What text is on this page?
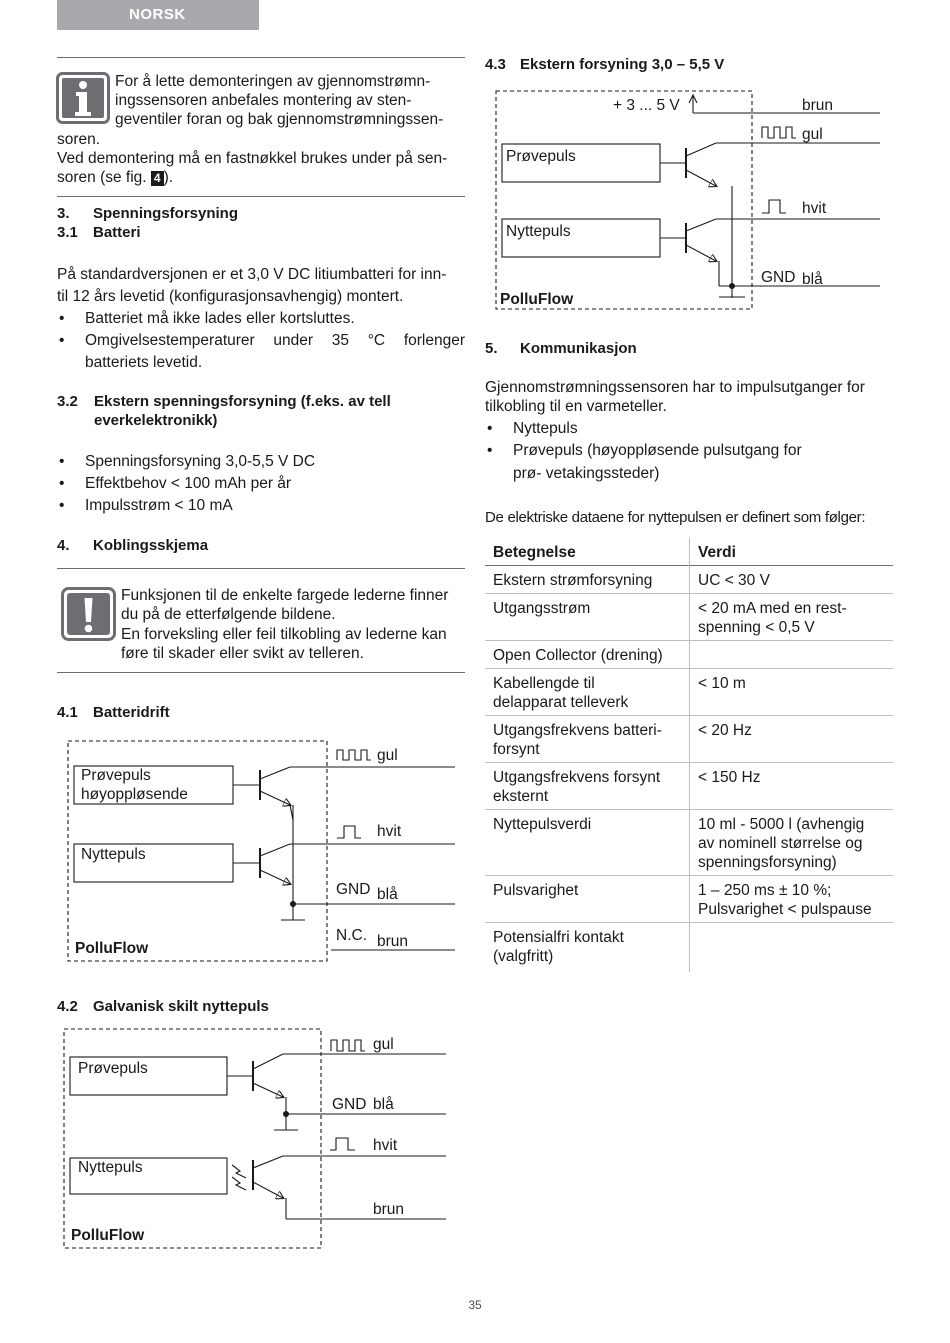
NORSK
For å lette demonteringen av gjennomstrømn-
ingssensoren anbefales montering av sten-
geventiler foran og bak gjennomstrømningssen-
soren.
Ved demontering må en fastnøkkel brukes under på sen-
soren (se fig. 4 ).
3. Spenningsforsyning
3.1 Batteri
På standardversjonen er et 3,0 V DC litiumbatteri for inn-
til 12 års levetid (konfigurasjonsavhengig) montert.
• Batteriet må ikke lades eller kortsluttes.
• Omgivelsestemperaturer under 35 °C forlenger
batteriets levetid.
3.2 Ekstern spenningsforsyning (f.eks. av tell
everkelektronikk)
• Spenningsforsyning 3,0-5,5 V DC
• Effektbehov < 100 mAh per år
• Impulsstrøm < 10 mA
4. Koblingsskjema
Funksjonen til de enkelte fargede lederne finner
du på de etterfølgende bildene.
En forveksling eller feil tilkobling av lederne kan
føre til skader eller svikt av telleren.
4.1 Batteridrift
Prøvepuls
høyoppløsende
Nyttepuls
PolluFlow
gul
hvit
GND blå
N.C. brun
4.2 Galvanisk skilt nyttepuls
Prøvepuls
Nyttepuls
PolluFlow
gul
GND blå
hvit
brun
4.3 Ekstern forsyning 3,0 – 5,5 V
+ 3 ... 5 V
Prøvepuls
Nyttepuls
PolluFlow
brun
gul
hvit
GND blå
5. Kommunikasjon
Gjennomstrømningssensoren har to impulsutganger for
tilkobling til en varmeteller.
• Nyttepuls
• Prøvepuls (høyoppløsende pulsutgang for
prø- vetakingssteder)
De elektriske dataene for nyttepulsen er definert som følger:
Betegnelse	Verdi
Ekstern strømforsyning	UC < 30 V
Utgangsstrøm	< 20 mA med en rest-
spenning < 0,5 V
Open Collector (drening)	
Kabellengde til
delapparat telleverk	< 10 m
Utgangsfrekvens batteri-
forsynt	< 20 Hz
Utgangsfrekvens forsynt
eksternt	< 150 Hz
Nyttepulsverdi	10 ml - 5000 l (avhengig
av nominell størrelse og
spenningsforsyning)
Pulsvarighet	1 – 250 ms ± 10 %;
Pulsvarighet < pulspause
Potensialfri kontakt
(valgfritt)	
35
